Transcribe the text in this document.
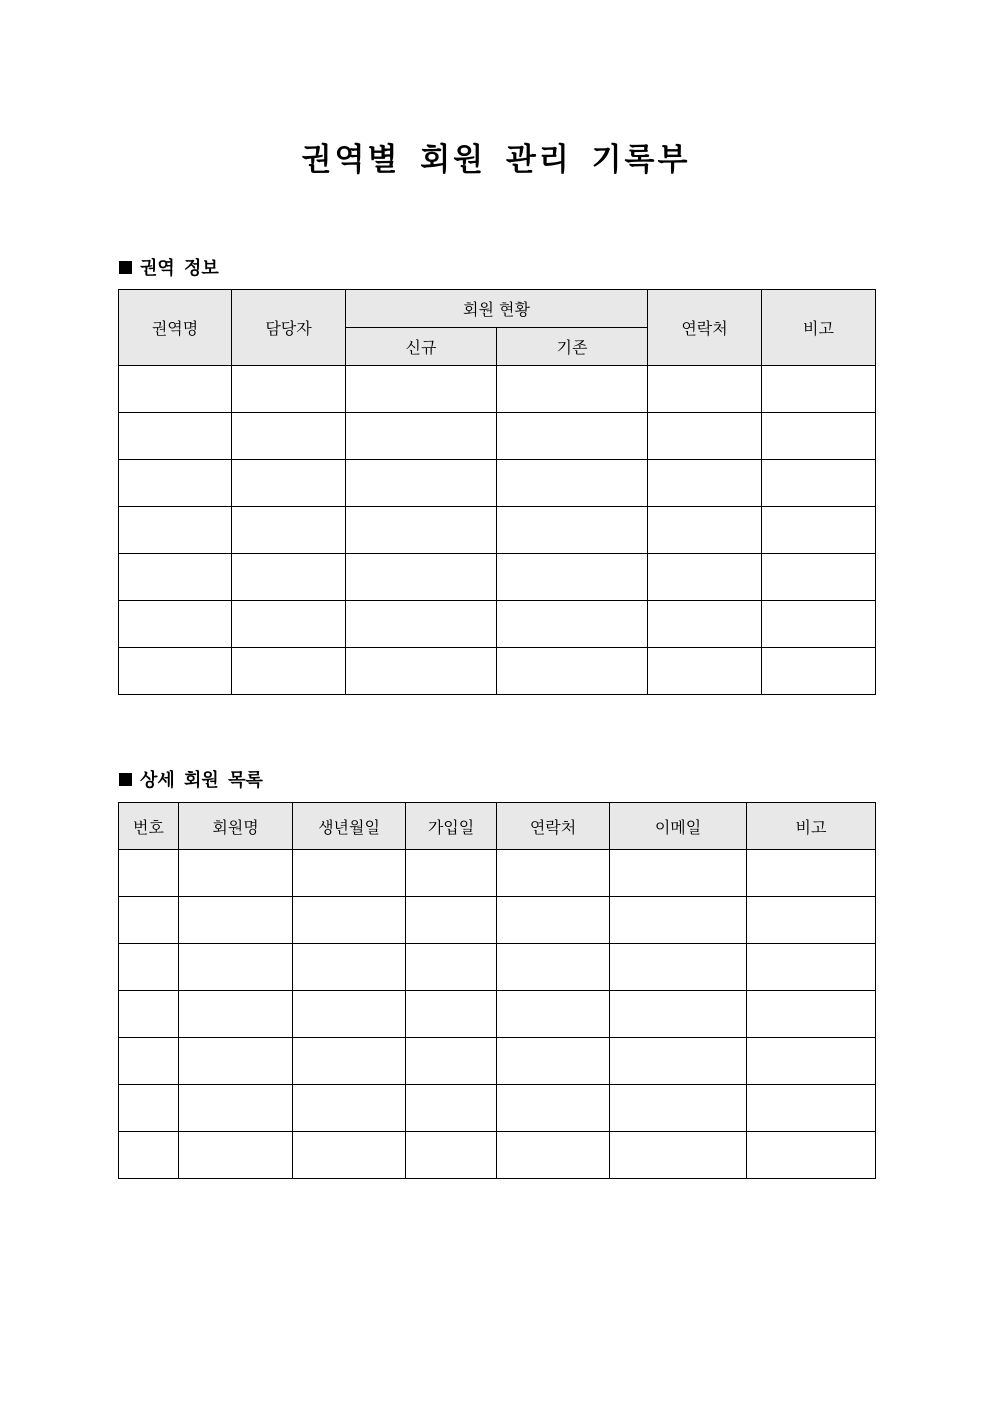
권역별 회원 관리 기록부
권역 정보
권역명	담당자	회원 현황		연락처	비고
		신규	기존		

상세 회원 목록
번호	회원명	생년월일	가입일	연락처	이메일	비고
